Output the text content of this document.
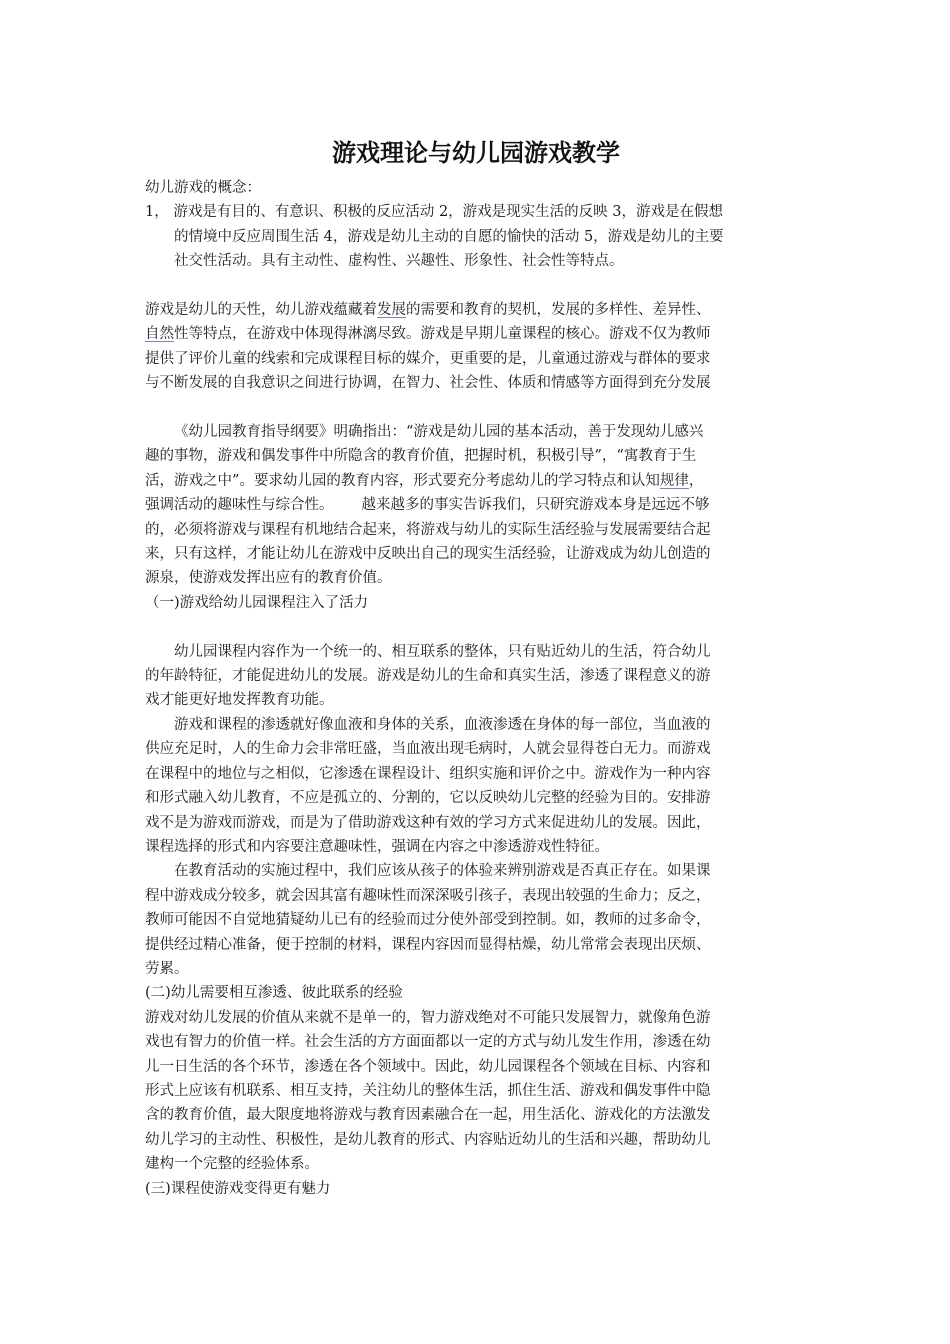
游戏理论与幼儿园游戏教学
幼儿游戏的概念：
1， 游戏是有目的、有意识、积极的反应活动 2，游戏是现实生活的反映 3，游戏是在假想
的情境中反应周围生活 4，游戏是幼儿主动的自愿的愉快的活动 5，游戏是幼儿的主要
社交性活动。具有主动性、虚构性、兴趣性、形象性、社会性等特点。
游戏是幼儿的天性，幼儿游戏蕴藏着发展的需要和教育的契机，发展的多样性、差异性、
自然性等特点，在游戏中体现得淋漓尽致。游戏是早期儿童课程的核心。游戏不仅为教师
提供了评价儿童的线索和完成课程目标的媒介，更重要的是，儿童通过游戏与群体的要求
与不断发展的自我意识之间进行协调，在智力、社会性、体质和情感等方面得到充分发展
《幼儿园教育指导纲要》明确指出：“游戏是幼儿园的基本活动，善于发现幼儿感兴
趣的事物，游戏和偶发事件中所隐含的教育价值，把握时机，积极引导”，“寓教育于生
活，游戏之中”。要求幼儿园的教育内容，形式要充分考虑幼儿的学习特点和认知规律，
强调活动的趣味性与综合性。 越来越多的事实告诉我们，只研究游戏本身是远远不够
的，必须将游戏与课程有机地结合起来，将游戏与幼儿的实际生活经验与发展需要结合起
来，只有这样，才能让幼儿在游戏中反映出自己的现实生活经验，让游戏成为幼儿创造的
源泉，使游戏发挥出应有的教育价值。
（一)游戏给幼儿园课程注入了活力
幼儿园课程内容作为一个统一的、相互联系的整体，只有贴近幼儿的生活，符合幼儿
的年龄特征，才能促进幼儿的发展。游戏是幼儿的生命和真实生活，渗透了课程意义的游
戏才能更好地发挥教育功能。
游戏和课程的渗透就好像血液和身体的关系，血液渗透在身体的每一部位，当血液的
供应充足时，人的生命力会非常旺盛，当血液出现毛病时，人就会显得苍白无力。而游戏
在课程中的地位与之相似，它渗透在课程设计、组织实施和评价之中。游戏作为一种内容
和形式融入幼儿教育，不应是孤立的、分割的，它以反映幼儿完整的经验为目的。安排游
戏不是为游戏而游戏，而是为了借助游戏这种有效的学习方式来促进幼儿的发展。因此，
课程选择的形式和内容要注意趣味性，强调在内容之中渗透游戏性特征。
在教育活动的实施过程中，我们应该从孩子的体验来辨别游戏是否真正存在。如果课
程中游戏成分较多，就会因其富有趣味性而深深吸引孩子，表现出较强的生命力；反之，
教师可能因不自觉地猜疑幼儿已有的经验而过分使外部受到控制。如，教师的过多命令，
提供经过精心准备，便于控制的材料，课程内容因而显得枯燥，幼儿常常会表现出厌烦、
劳累。
(二)幼儿需要相互渗透、彼此联系的经验
游戏对幼儿发展的价值从来就不是单一的，智力游戏绝对不可能只发展智力，就像角色游
戏也有智力的价值一样。社会生活的方方面面都以一定的方式与幼儿发生作用，渗透在幼
儿一日生活的各个环节，渗透在各个领域中。因此，幼儿园课程各个领域在目标、内容和
形式上应该有机联系、相互支持，关注幼儿的整体生活，抓住生活、游戏和偶发事件中隐
含的教育价值，最大限度地将游戏与教育因素融合在一起，用生活化、游戏化的方法激发
幼儿学习的主动性、积极性，是幼儿教育的形式、内容贴近幼儿的生活和兴趣，帮助幼儿
建构一个完整的经验体系。
(三)课程使游戏变得更有魅力
